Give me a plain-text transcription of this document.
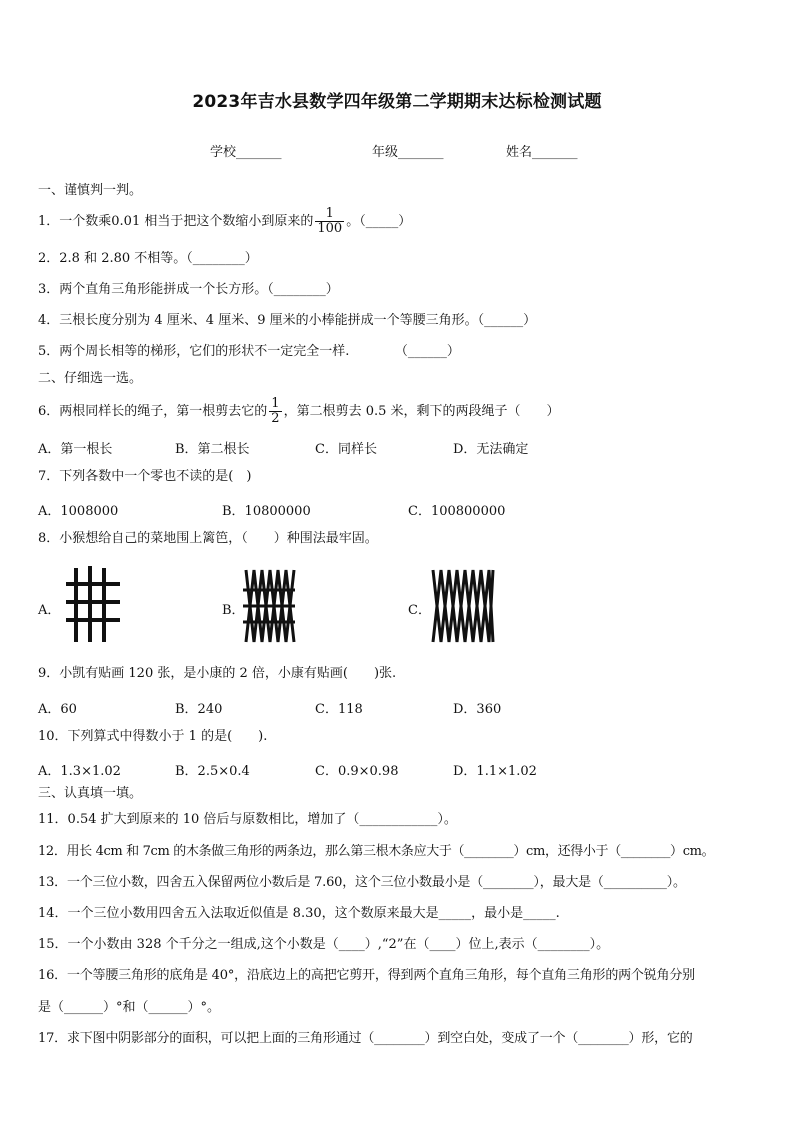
2023年吉水县数学四年级第二学期期末达标检测试题
学校_______	年级_______	姓名_______
一、谨慎判一判。
1．一个数乘0.01 相当于把这个数缩小到原来的 $\frac{1}{100}$ 。（_____）
2．2.8 和 2.80 不相等。（________）
3．两个直角三角形能拼成一个长方形。（________）
4．三根长度分别为 4 厘米、4 厘米、9 厘米的小棒能拼成一个等腰三角形。（______）
5．两个周长相等的梯形，它们的形状不一定完全一样.　　　　（______）
二、仔细选一选。
6．两根同样长的绳子，第一根剪去它的 $\frac{1}{2}$ ，第二根剪去 0.5 米，剩下的两段绳子（　　）
A．第一根长	B．第二根长	C．同样长	D．无法确定
7．下列各数中一个零也不读的是(　)
A．1008000	B．10800000	C．100800000
8．小猴想给自己的菜地围上篱笆，（　　）种围法最牢固。
A．	B．	C．
9．小凯有贴画 120 张，是小康的 2 倍，小康有贴画(　　)张.
A．60	B．240	C．118	D．360
10．下列算式中得数小于 1 的是(　　).
A．1.3×1.02	B．2.5×0.4	C．0.9×0.98	D．1.1×1.02
三、认真填一填。
11．0.54 扩大到原来的 10 倍后与原数相比，增加了（____________）。
12．用长 4cm 和 7cm 的木条做三角形的两条边，那么第三根木条应大于（________）cm，还得小于（________）cm。
13．一个三位小数，四舍五入保留两位小数后是 7.60，这个三位小数最小是（________），最大是（__________）。
14．一个三位小数用四舍五入法取近似值是 8.30，这个数原来最大是_____，最小是_____.
15．一个小数由 328 个千分之一组成,这个小数是（____）,“2”在（____）位上,表示（________）。
16．一个等腰三角形的底角是 40°，沿底边上的高把它剪开，得到两个直角三角形，每个直角三角形的两个锐角分别
是（______）°和（______）°。
17．求下图中阴影部分的面积，可以把上面的三角形通过（________）到空白处，变成了一个（________）形，它的
